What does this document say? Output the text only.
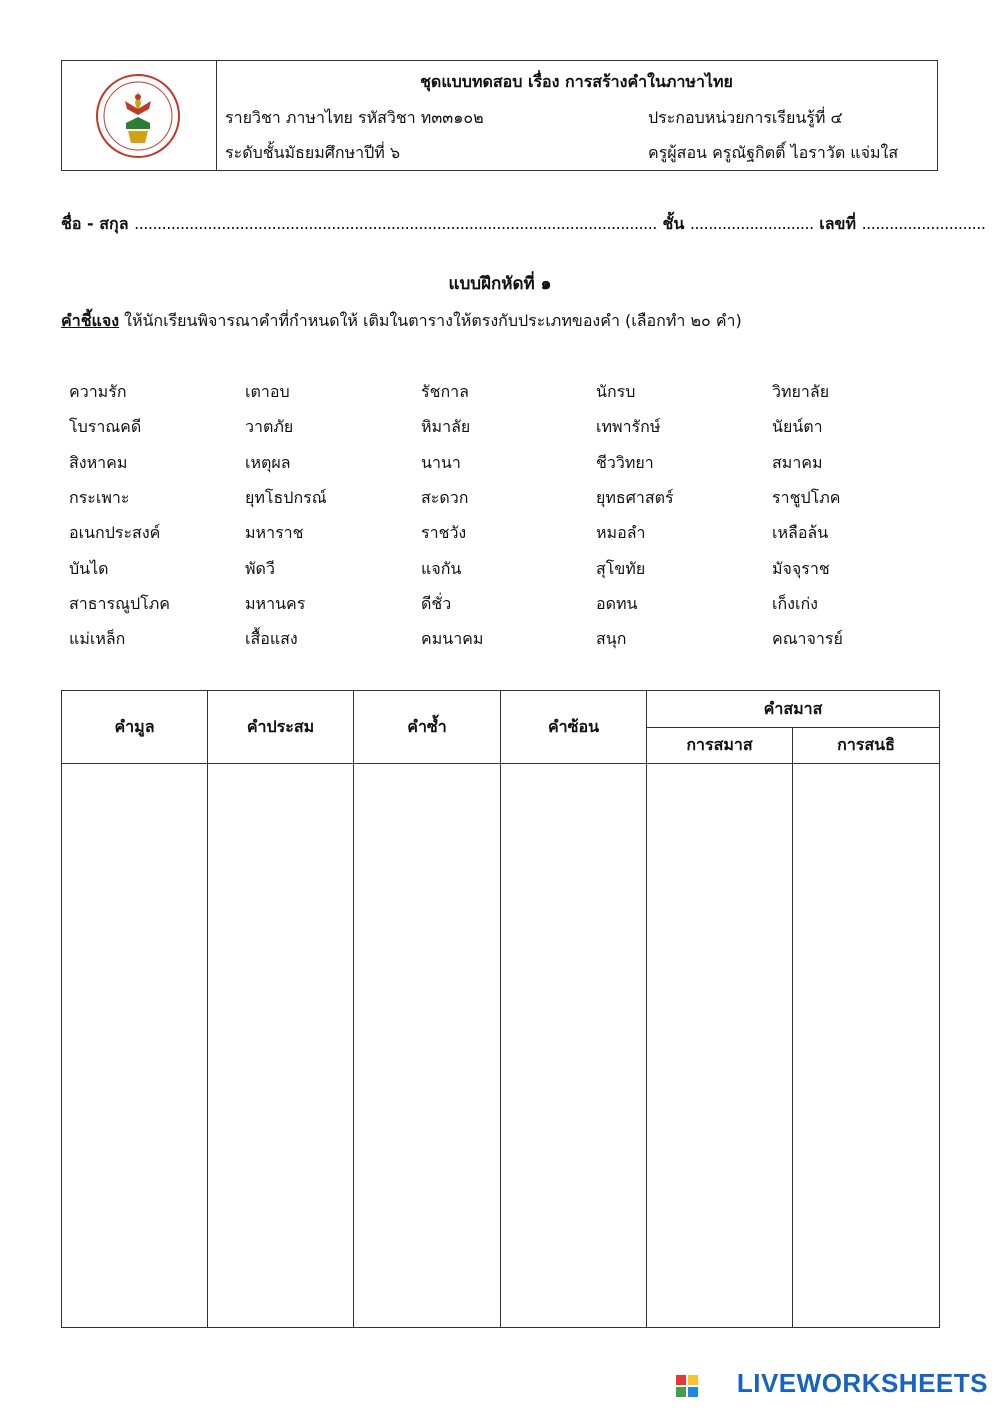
ชุดแบบทดสอบ เรื่อง การสร้างคำในภาษาไทย
รายวิชา ภาษาไทย รหัสวิชา ท๓๓๑๐๒	ประกอบหน่วยการเรียนรู้ที่ ๔
ระดับชั้นมัธยมศึกษาปีที่ ๖	ครูผู้สอน ครูณัฐกิตติ์ ไอราวัต แจ่มใส
ชื่อ - สกุล .................................................................................................................. ชั้น ........................... เลขที่ ...........................
แบบฝึกหัดที่ ๑
คำชี้แจง ให้นักเรียนพิจารณาคำที่กำหนดให้ เติมในตารางให้ตรงกับประเภทของคำ (เลือกทำ ๒๐ คำ)
ความรัก	เตาอบ	รัชกาล	นักรบ	วิทยาลัย
โบราณคดี	วาตภัย	หิมาลัย	เทพารักษ์	นัยน์ตา
สิงหาคม	เหตุผล	นานา	ชีววิทยา	สมาคม
กระเพาะ	ยุทโธปกรณ์	สะดวก	ยุทธศาสตร์	ราชูปโภค
อเนกประสงค์	มหาราช	ราชวัง	หมอลำ	เหลือล้น
บันได	พัดวี	แจกัน	สุโขทัย	มัจจุราช
สาธารณูปโภค	มหานคร	ดีชั่ว	อดทน	เก็งเก่ง
แม่เหล็ก	เสื้อแสง	คมนาคม	สนุก	คณาจารย์
คำมูล	คำประสม	คำซ้ำ	คำซ้อน	คำสมาส	
				การสมาส	การสนธิ

LIVEWORKSHEETS
